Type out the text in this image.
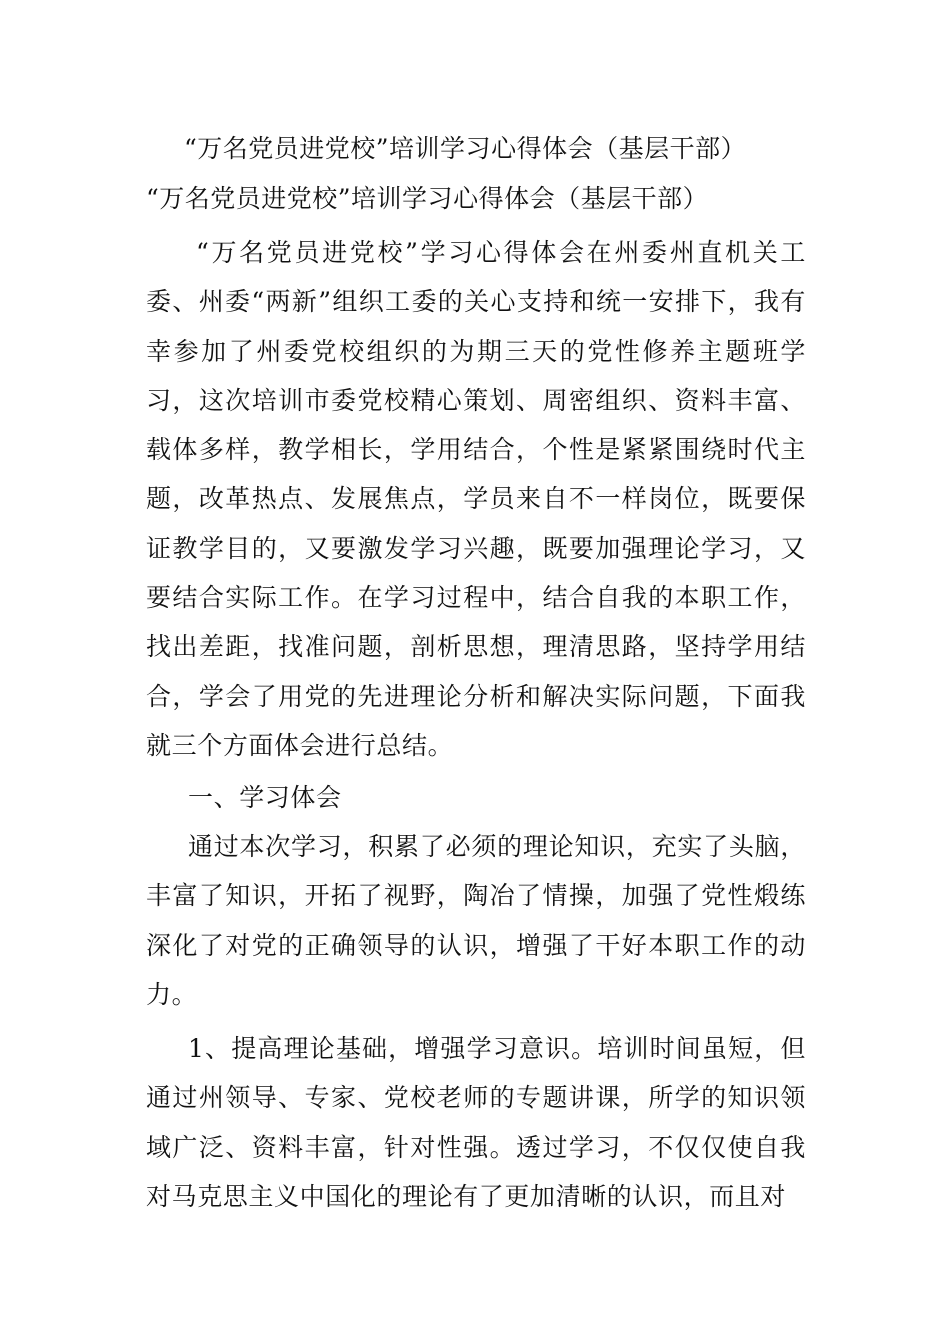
“万名党员进党校”培训学习心得体会（基层干部）
“万名党员进党校”培训学习心得体会（基层干部）

“万名党员进党校”学习心得体会在州委州直机关工委、州委“两新”组织工委的关心支持和统一安排下，我有幸参加了州委党校组织的为期三天的党性修养主题班学习，这次培训市委党校精心策划、周密组织、资料丰富、载体多样，教学相长，学用结合，个性是紧紧围绕时代主题，改革热点、发展焦点，学员来自不一样岗位，既要保证教学目的，又要激发学习兴趣，既要加强理论学习，又要结合实际工作。在学习过程中，结合自我的本职工作，找出差距，找准问题，剖析思想，理清思路，坚持学用结合，学会了用党的先进理论分析和解决实际问题，下面我就三个方面体会进行总结。

一、学习体会

通过本次学习，积累了必须的理论知识，充实了头脑，丰富了知识，开拓了视野，陶冶了情操，加强了党性煅练深化了对党的正确领导的认识，增强了干好本职工作的动力。

1、提高理论基础，增强学习意识。培训时间虽短，但通过州领导、专家、党校老师的专题讲课，所学的知识领域广泛、资料丰富，针对性强。透过学习，不仅仅使自我对马克思主义中国化的理论有了更加清晰的认识，而且对
